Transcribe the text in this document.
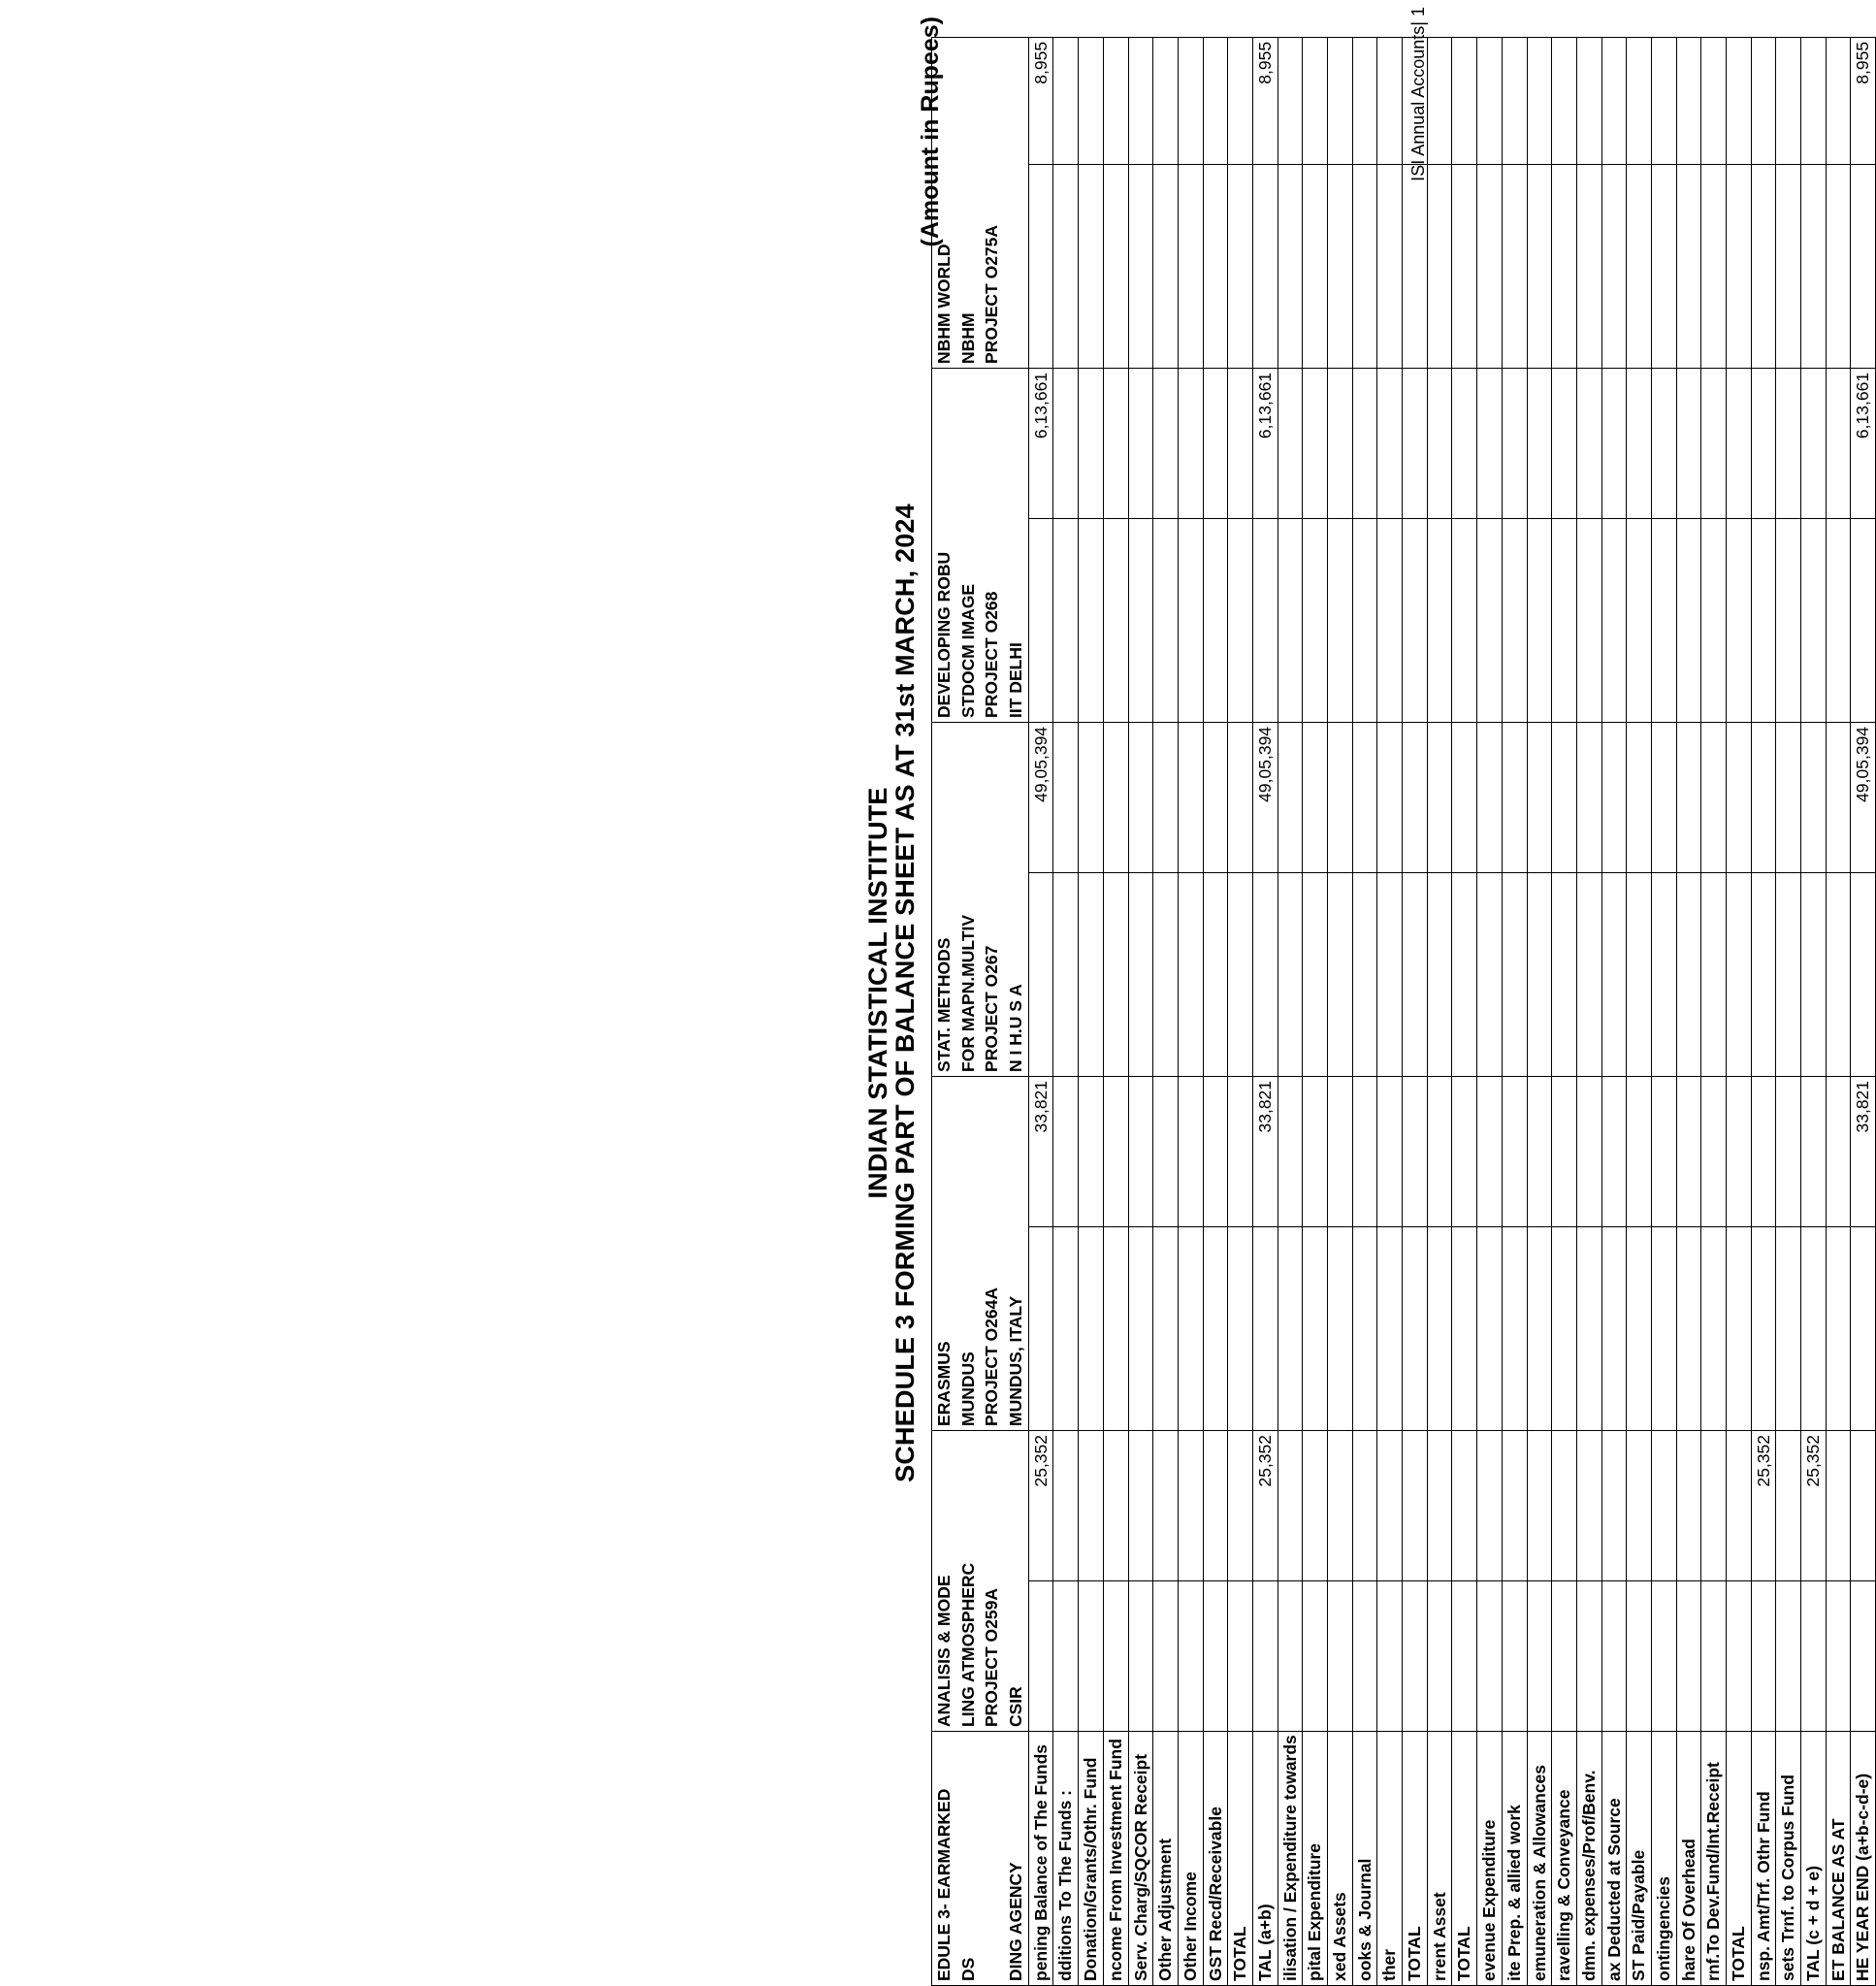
INDIAN STATISTICAL INSTITUTE
SCHEDULE 3 FORMING PART OF BALANCE SHEET AS AT 31st MARCH, 2024
(Amount in Rupees)
EDULE 3- EARMARKED	ANALISIS & MODE		ERASMUS		STAT. METHODS		DEVELOPING ROBU		NBHM WORLD	
DS	LING ATMOSPHERC		MUNDUS		FOR MAPN.MULTIV		STDOCM IMAGE		NBHM	
	PROJECT O259A		PROJECT O264A		PROJECT O267		PROJECT O268		PROJECT O275A	
DING AGENCY	CSIR		MUNDUS, ITALY		N I H.U S A		IIT DELHI			
pening Balance of The Funds		25,352		33,821		49,05,394		6,13,661		8,955
dditions To The Funds :										
Donation/Grants/Othr. Fund										
ncome From Investment Fund										
Serv. Charg/SQCOR Receipt										
Other Adjustment										
Other Income										
GST Recd/Receivable										
TOTAL										
TAL (a+b)		25,352		33,821		49,05,394		6,13,661		8,955
ilisation / Expenditure towards										
pital Expenditure										
xed Assets										
ooks & Journal										
ther										
TOTAL										
rrent Asset										
TOTAL										
evenue Expenditure										
ite Prep. & allied work										
emuneration & Allowances										
ravelling & Conveyance										
dmn. expenses/Prof/Benv.										
ax Deducted at Source										
ST Paid/Payable										
ontingencies										
hare Of Overhead										
rnf.To Dev.Fund/Int.Receipt										
TOTAL										
nsp. Amt/Trf. Othr Fund		25,352								
sets Trnf. to Corpus Fund										
TAL (c + d + e)		25,352								
ET BALANCE AS AT										
HE YEAR END (a+b-c-d-e)				33,821		49,05,394		6,13,661		8,955
ISI Annual Accounts| 1
